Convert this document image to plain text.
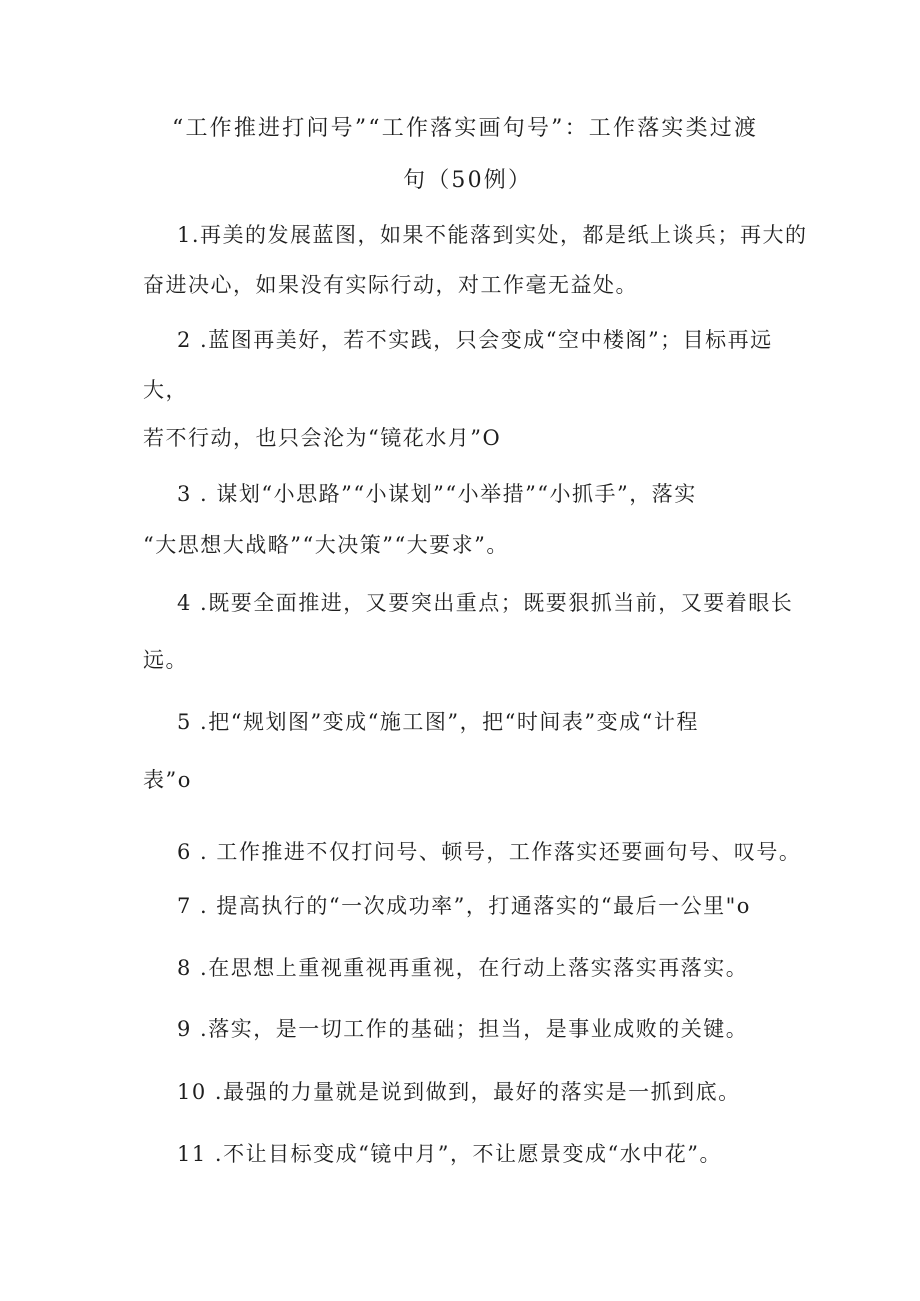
“工作推进打问号”“工作落实画句号”：工作落实类过渡
句（50例）
1.再美的发展蓝图，如果不能落到实处，都是纸上谈兵；再大的
奋进决心，如果没有实际行动，对工作毫无益处。
2 .蓝图再美好，若不实践，只会变成“空中楼阁”；目标再远
大，
若不行动，也只会沦为“镜花水月”O
3 . 谋划“小思路”“小谋划”“小举措”“小抓手”，落实
“大思想大战略”“大决策”“大要求”。
4 .既要全面推进，又要突出重点；既要狠抓当前，又要着眼长
远。
5 .把“规划图”变成“施工图”，把“时间表”变成“计程
表”o
6 . 工作推进不仅打问号、顿号，工作落实还要画句号、叹号。
7 . 提高执行的“一次成功率”，打通落实的“最后一公里"o
8 .在思想上重视重视再重视，在行动上落实落实再落实。
9 .落实，是一切工作的基础；担当，是事业成败的关键。
10 .最强的力量就是说到做到，最好的落实是一抓到底。
11 .不让目标变成“镜中月”，不让愿景变成“水中花”。
